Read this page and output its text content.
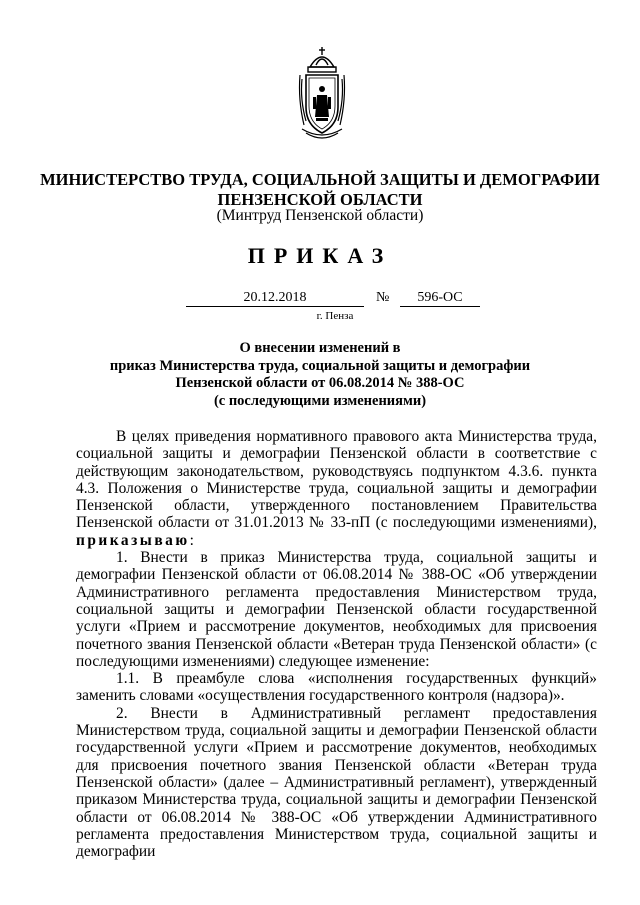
МИНИСТЕРСТВО ТРУДА, СОЦИАЛЬНОЙ ЗАЩИТЫ И ДЕМОГРАФИИ
ПЕНЗЕНСКОЙ ОБЛАСТИ
(Минтруд Пензенской области)
ПРИКАЗ
20.12.2018	№	596-ОС
г. Пенза
О внесении изменений в
приказ Министерства труда, социальной защиты и демографии
Пензенской области от 06.08.2014 № 388-ОС
(с последующими изменениями)

В целях приведения нормативного правового акта Министерства труда, социальной защиты и демографии Пензенской области в соответствие с действующим законодательством, руководствуясь подпунктом 4.3.6. пункта 4.3. Положения о Министерстве труда, социальной защиты и демографии Пензенской области, утвержденного постановлением Правительства Пензенской области от 31.01.2013 № 33-пП (с последующими изменениями), приказываю:

1. Внести в приказ Министерства труда, социальной защиты и демографии Пензенской области от 06.08.2014 № 388-ОС «Об утверждении Административного регламента предоставления Министерством труда, социальной защиты и демографии Пензенской области государственной услуги «Прием и рассмотрение документов, необходимых для присвоения почетного звания Пензенской области «Ветеран труда Пензенской области» (с последующими изменениями) следующее изменение:

1.1. В преамбуле слова «исполнения государственных функций» заменить словами «осуществления государственного контроля (надзора)».

2. Внести в Административный регламент предоставления Министерством труда, социальной защиты и демографии Пензенской области государственной услуги «Прием и рассмотрение документов, необходимых для присвоения почетного звания Пензенской области «Ветеран труда Пензенской области» (далее – Административный регламент), утвержденный приказом Министерства труда, социальной защиты и демографии Пензенской области от 06.08.2014 № 388-ОС «Об утверждении Административного регламента предоставления Министерством труда, социальной защиты и демографии
